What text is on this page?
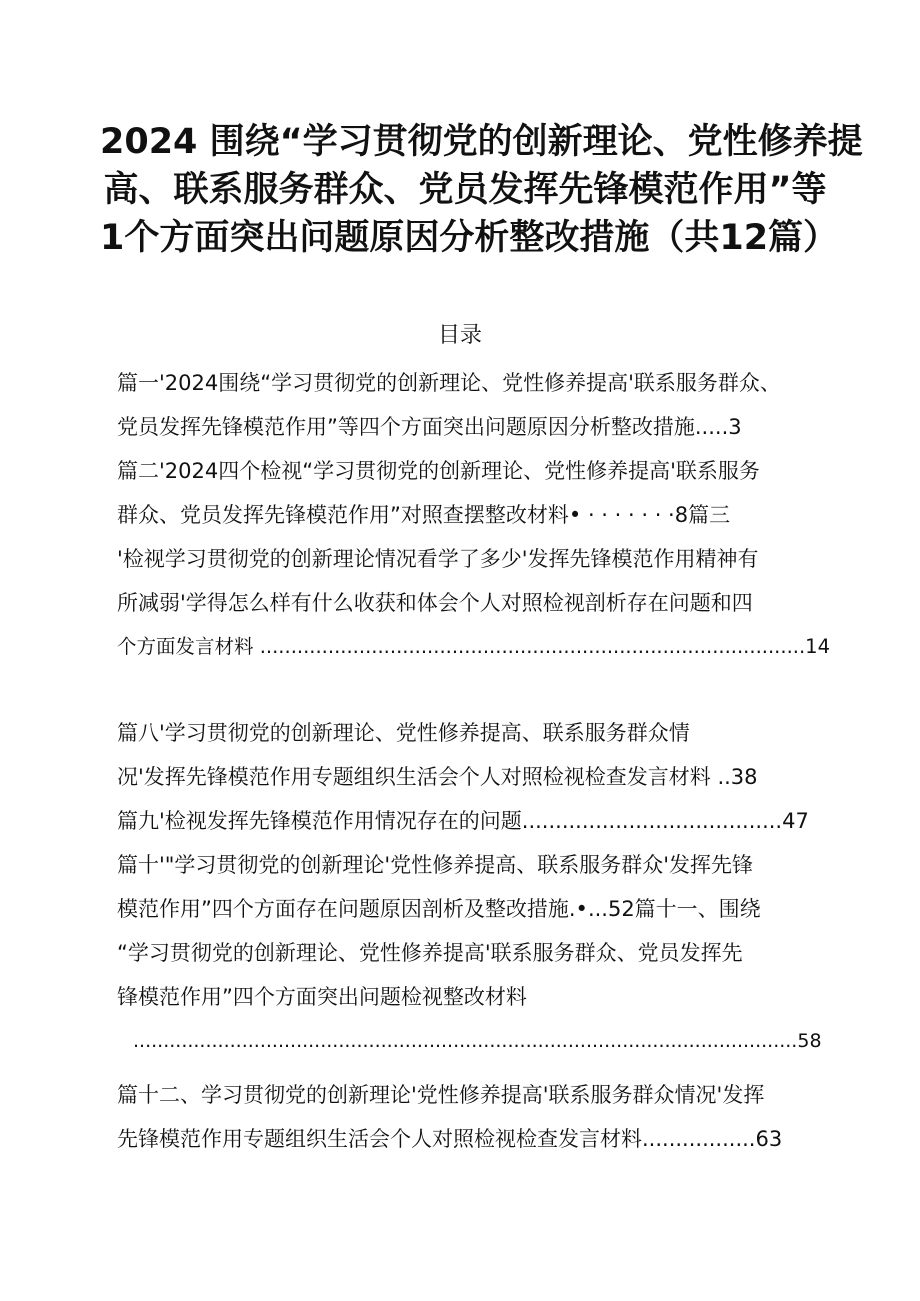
2024 围绕“学习贯彻党的创新理论、党性修养提
高、联系服务群众、党员发挥先锋模范作用”等
1个方面突出问题原因分析整改措施（共12篇）
目录
篇一'2024围绕“学习贯彻党的创新理论、党性修养提高'联系服务群众、
党员发挥先锋模范作用”等四个方面突出问题原因分析整改措施.....3
篇二'2024四个检视“学习贯彻党的创新理论、党性修养提高'联系服务
群众、党员发挥先锋模范作用”对照查摆整改材料• · · · · · · ·8篇三
'检视学习贯彻党的创新理论情况看学了多少'发挥先锋模范作用精神有
所减弱'学得怎么样有什么收获和体会个人对照检视剖析存在问题和四
个方面发言材料 ........................................................................................14
篇八'学习贯彻党的创新理论、党性修养提高、联系服务群众情
况'发挥先锋模范作用专题组织生活会个人对照检视检查发言材料 ..38
篇九'检视发挥先锋模范作用情况存在的问题.......................................47
篇十'"学习贯彻党的创新理论'党性修养提高、联系服务群众'发挥先锋
模范作用”四个方面存在问题原因剖析及整改措施.•...52篇十一、围绕
“学习贯彻党的创新理论、党性修养提高'联系服务群众、党员发挥先
锋模范作用”四个方面突出问题检视整改材料
..............................................................................................................58
篇十二、学习贯彻党的创新理论'党性修养提高'联系服务群众情况'发挥
先锋模范作用专题组织生活会个人对照检视检查发言材料.................63
